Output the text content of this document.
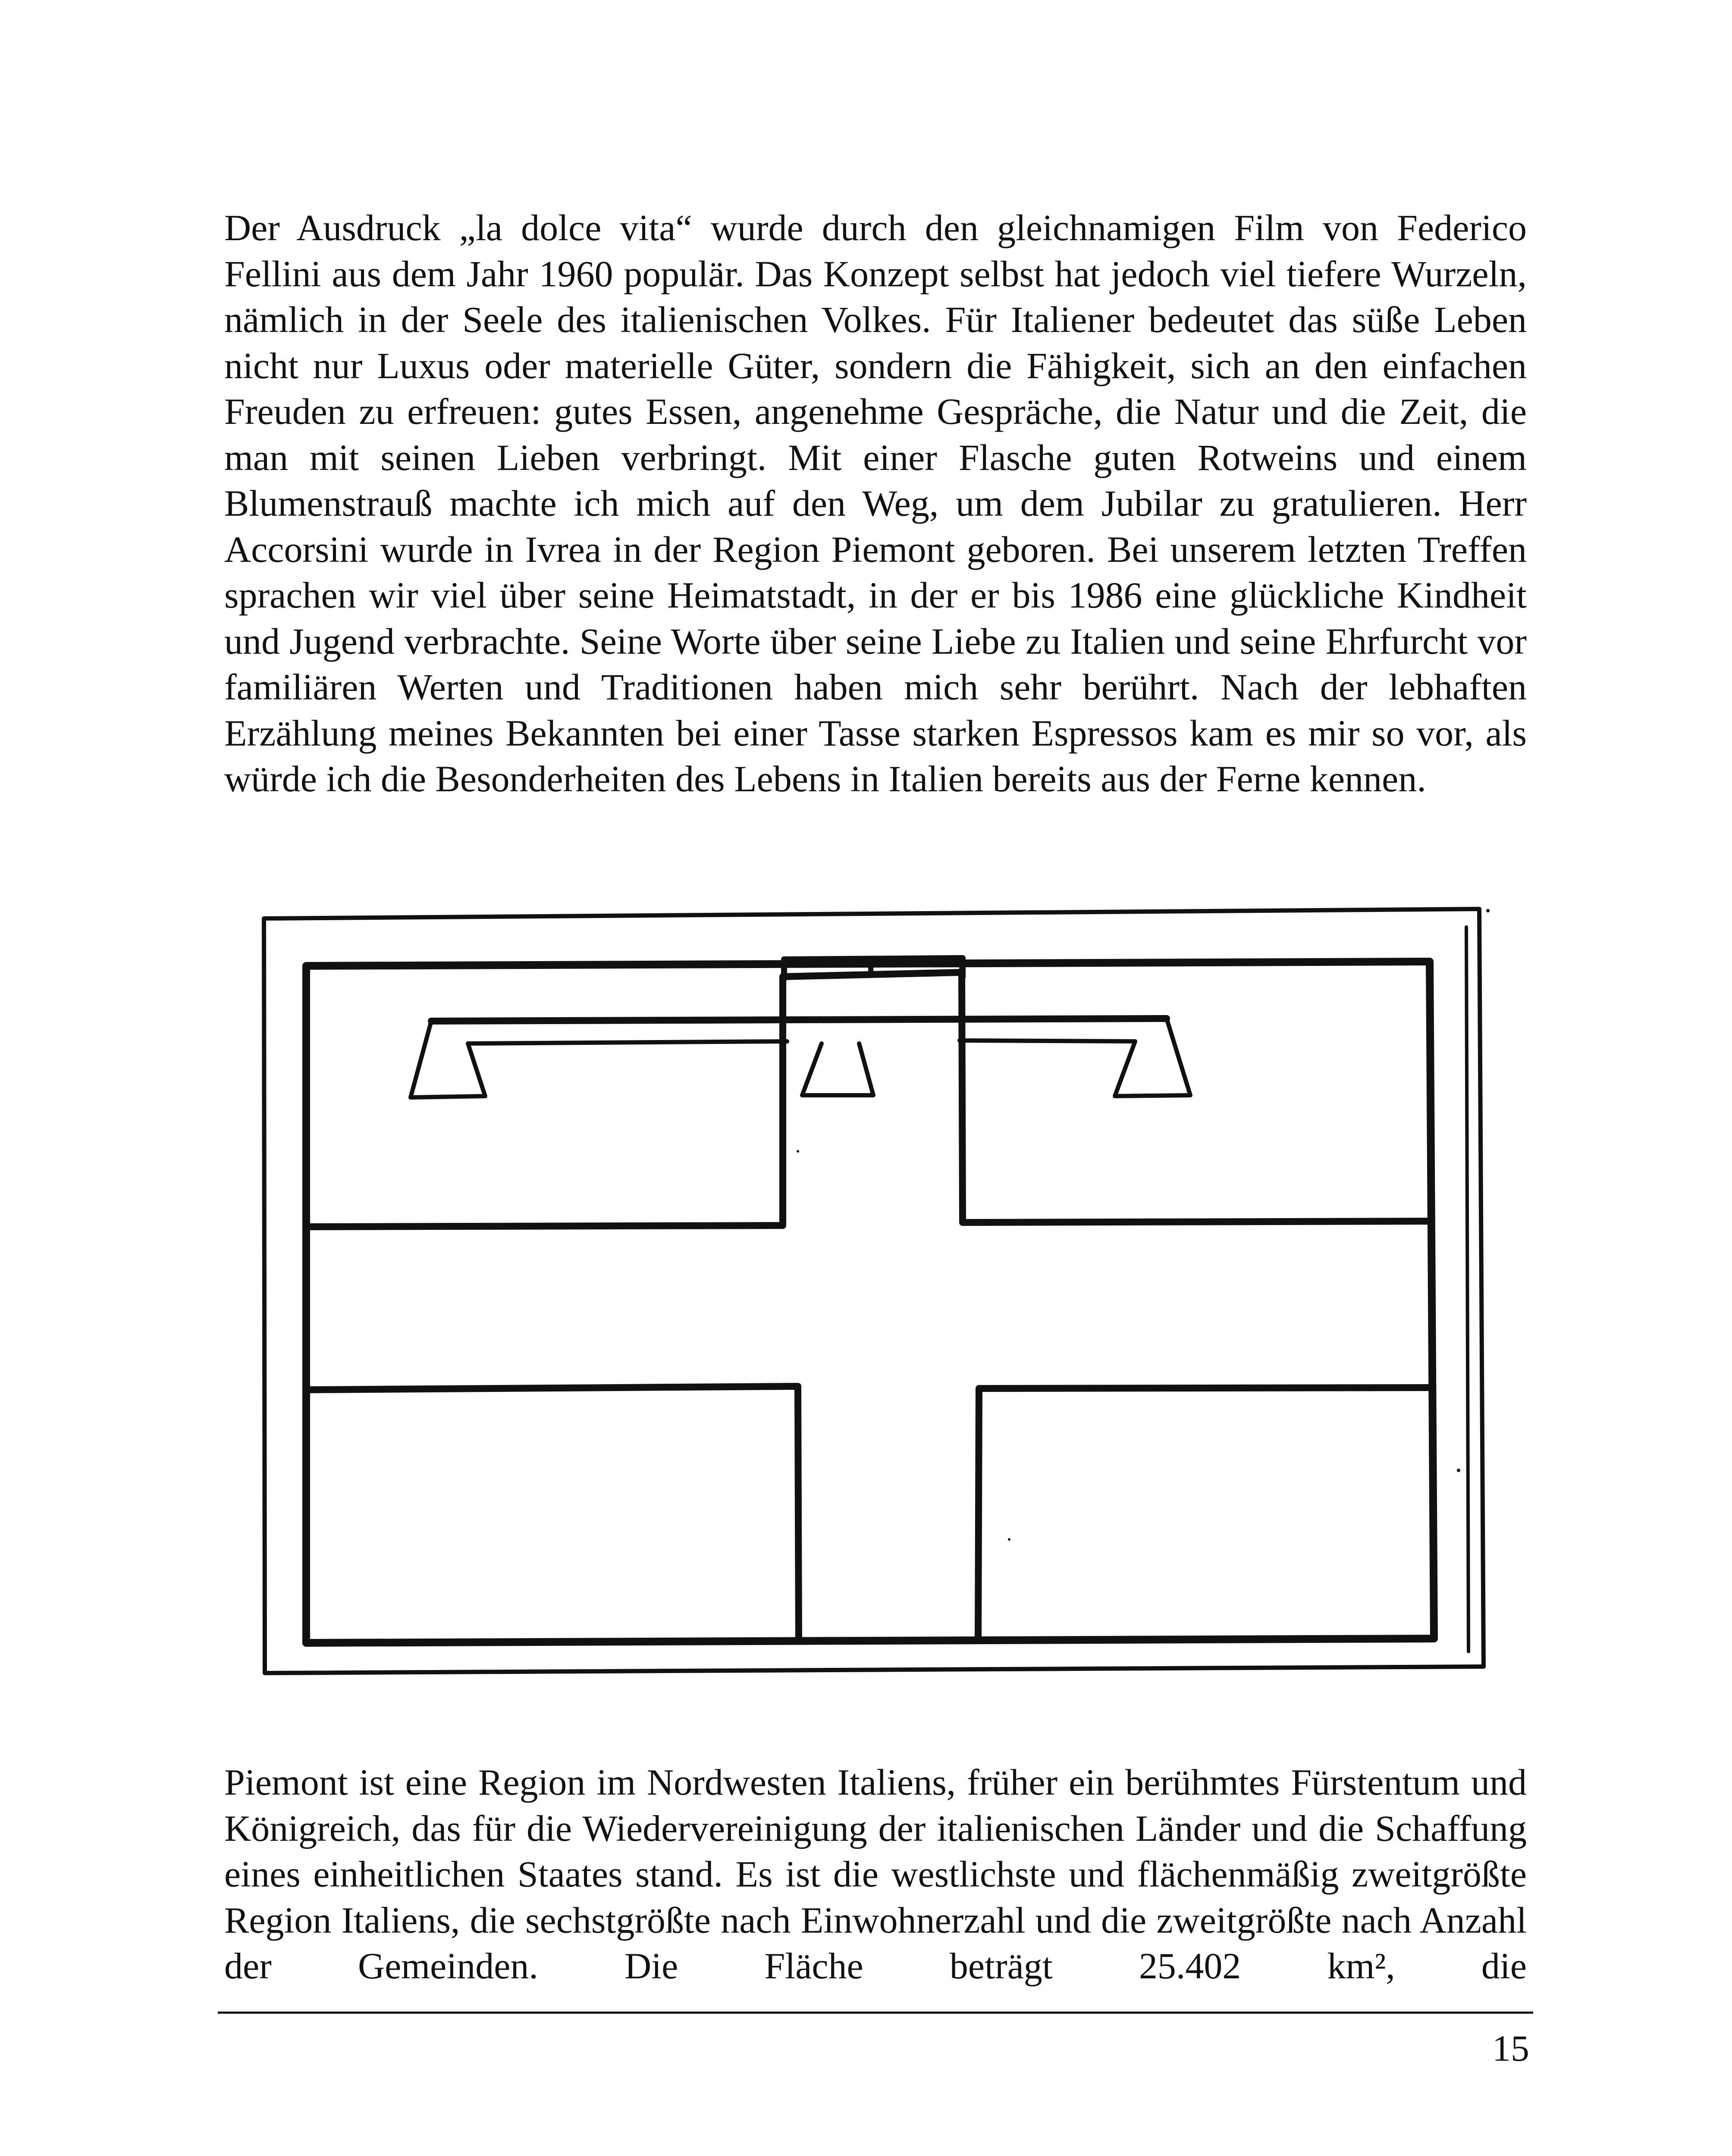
Der Ausdruck „la dolce vita“ wurde durch den gleichnamigen Film von Federico Fellini aus dem Jahr 1960 populär. Das Konzept selbst hat jedoch viel tiefere Wurzeln, nämlich in der Seele des italienischen Volkes. Für Italiener bedeutet das süße Leben nicht nur Luxus oder materielle Güter, sondern die Fähigkeit, sich an den einfachen Freuden zu erfreuen: gutes Essen, angenehme Gespräche, die Natur und die Zeit, die man mit seinen Lieben verbringt. Mit einer Flasche guten Rotweins und einem Blumenstrauß machte ich mich auf den Weg, um dem Jubilar zu gratulieren. Herr Accorsini wurde in Ivrea in der Region Piemont geboren. Bei unserem letzten Treffen sprachen wir viel über seine Heimatstadt, in der er bis 1986 eine glückliche Kindheit und Jugend verbrachte. Seine Worte über seine Liebe zu Italien und seine Ehrfurcht vor familiären Werten und Traditionen haben mich sehr berührt. Nach der lebhaften Erzählung meines Bekannten bei einer Tasse starken Espressos kam es mir so vor, als würde ich die Besonderheiten des Lebens in Italien bereits aus der Ferne kennen.

Piemont ist eine Region im Nordwesten Italiens, früher ein berühmtes Fürstentum und Königreich, das für die Wiedervereinigung der italienischen Länder und die Schaffung eines einheitlichen Staates stand. Es ist die westlichste und flächenmäßig zweitgrößte Region Italiens, die sechstgrößte nach Einwohnerzahl und die zweitgrößte nach Anzahl der Gemeinden. Die Fläche beträgt 25.402 km², die

15
